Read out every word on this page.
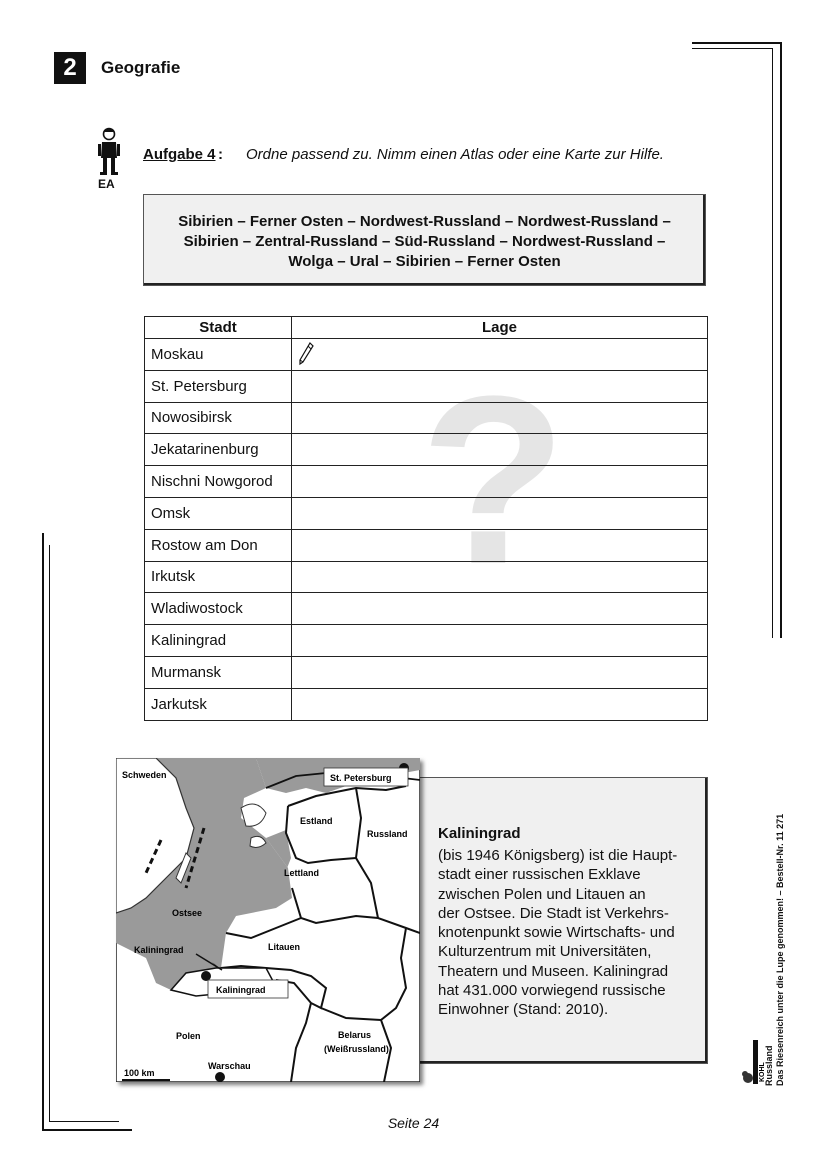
2	Geografie
EA
Aufgabe 4 : Ordne passend zu. Nimm einen Atlas oder eine Karte zur Hilfe.
Sibirien – Ferner Osten – Nordwest-Russland – Nordwest-Russland –
Sibirien – Zentral-Russland – Süd-Russland – Nordwest-Russland –
Wolga – Ural – Sibirien – Ferner Osten
?
Stadt	Lage
Moskau	
St. Petersburg	
Nowosibirsk	
Jekatarinenburg	
Nischni Nowgorod	
Omsk	
Rostow am Don	
Irkutsk	
Wladiwostock	
Kaliningrad	
Murmansk	
Jarkutsk	
Kaliningrad
(bis 1946 Königsberg) ist die Haupt-
stadt einer russischen Exklave
zwischen Polen und Litauen an
der Ostsee. Die Stadt ist Verkehrs-
knotenpunkt sowie Wirtschafts- und
Kulturzentrum mit Universitäten,
Theatern und Museen. Kaliningrad
hat 431.000 vorwiegend russische
Einwohner (Stand: 2010).
Schweden	St. Petersburg
Estland
Russland
Lettland
Ostsee
Kaliningrad	Litauen
Kaliningrad
Polen	Belarus
(Weißrussland)
Warschau
100 km	Russland Das Riesenreich unter die Lupe genommen! – Bestell-Nr. 11 271
KOHL
Seite 24
